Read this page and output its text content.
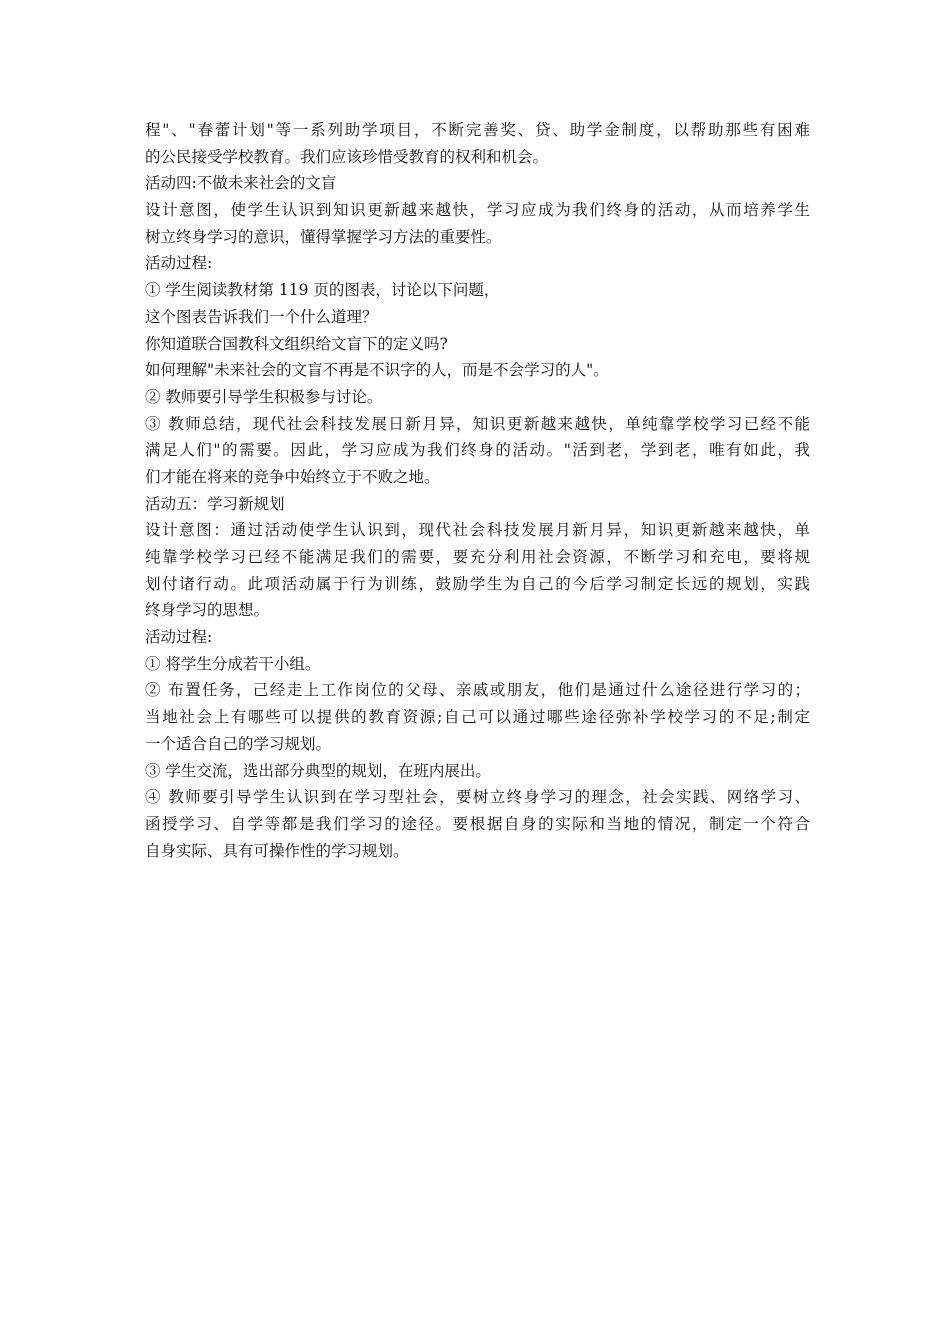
程"、"春蕾计划"等一系列助学项目，不断完善奖、贷、助学金制度，以帮助那些有困难
的公民接受学校教育。我们应该珍惜受教育的权利和机会。
活动四:不做未来社会的文盲
设计意图，使学生认识到知识更新越来越快，学习应成为我们终身的活动，从而培养学生
树立终身学习的意识，懂得掌握学习方法的重要性。
活动过程:
① 学生阅读教材第 119 页的图表，讨论以下问题，
这个图表告诉我们一个什么道理？
你知道联合国教科文组织给文盲下的定义吗?
如何理解"未来社会的文盲不再是不识字的人，而是不会学习的人"。
② 教师要引导学生积极参与讨论。
③ 教师总结，现代社会科技发展日新月异，知识更新越来越快，单纯靠学校学习已经不能
满足人们"的需要。因此，学习应成为我们终身的活动。"活到老，学到老，唯有如此，我
们才能在将来的竞争中始终立于不败之地。
活动五：学习新规划
设计意图：通过活动使学生认识到，现代社会科技发展月新月异，知识更新越来越快，单
纯靠学校学习已经不能满足我们的需要，要充分利用社会资源，不断学习和充电，要将规
划付诸行动。此项活动属于行为训练，鼓励学生为自己的今后学习制定长远的规划，实践
终身学习的思想。
活动过程:
① 将学生分成若干小组。
② 布置任务，己经走上工作岗位的父母、亲戚或朋友，他们是通过什么途径进行学习的；
当地社会上有哪些可以提供的教育资源;自己可以通过哪些途径弥补学校学习的不足;制定
一个适合自己的学习规划。
③ 学生交流，选出部分典型的规划，在班内展出。
④ 教师要引导学生认识到在学习型社会，要树立终身学习的理念，社会实践、网络学习、
函授学习、自学等都是我们学习的途径。要根据自身的实际和当地的情况，制定一个符合
自身实际、具有可操作性的学习规划。
